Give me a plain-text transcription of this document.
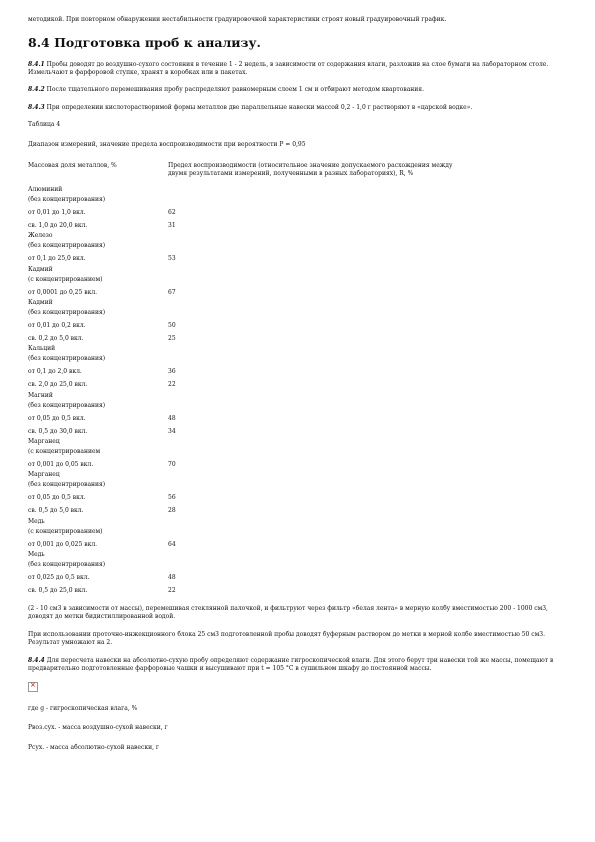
методикой. При повторном обнаружении нестабильности градуировочной характеристики строят новый градуировочный график.

8.4 Подготовка проб к анализу.

8.4.1 Пробы доводят до воздушно-сухого состояния в течение 1 - 2 недель, в зависимости от содержания влаги, разложив на слое бумаги на лабораторном столе. Измельчают в фарфоровой ступке, хранят в коробках или в пакетах.

8.4.2 После тщательного перемешивания пробу распределяют равномерным слоем 1 см и отбирают методом квартования.

8.4.3 При определении кислоторастворимой формы металлов две параллельные навески массой 0,2 - 1,0 г растворяют в «царской водке».

Таблица 4

Диапазон измерений, значение предела воспроизводимости при вероятности P = 0,95

Массовая доля металлов, %	Предел воспроизводимости (относительное значение допускаемого расхождения между двумя результатами измерений, полученными в разных лабораториях), R, %
Алюминий	
(без концентрирования)	
от 0,01 до 1,0 вкл.	62
св. 1,0 до 20,0 вкл.	31
Железо	
(без концентрирования)	
от 0,1 до 25,0 вкл.	53
Кадмий	
(с концентрированием)	
от 0,0001 до 0,25 вкл.	67
Кадмий	
(без концентрирования)	
от 0,01 до 0,2 вкл.	50
св. 0,2 до 5,0 вкл.	25
Кальций	
(без концентрирования)	
от 0,1 до 2,0 вкл.	36
св. 2,0 до 25,0 вкл.	22
Магний	
(без концентрирования)	
от 0,05 до 0,5 вкл.	48
св. 0,5 до 30,0 вкл.	34
Марганец	
(с концентрированием	
от 0,001 до 0,05 вкл.	70
Марганец	
(без концентрирования)	
от 0,05 до 0,5 вкл.	56
св. 0,5 до 5,0 вкл.	28
Медь	
(с концентрированием)	
от 0,001 до 0,025 вкл.	64
Медь	
(без концентрирования)	
от 0,025 до 0,5 вкл.	48
св. 0,5 до 25,0 вкл.	22

(2 - 10 см3 в зависимости от массы), перемешивая стеклянной палочкой, и фильтруют через фильтр «белая лента» в мерную колбу вместимостью 200 - 1000 см3, доводят до метки бидистиллированной водой.

При использовании проточно-инжекционного блока 25 см3 подготовленной пробы доводят буферным раствором до метки в мерной колбе вместимостью 50 см3. Результат умножают на 2.

8.4.4 Для пересчета навески на абсолютно-сухую пробу определяют содержание гигроскопической влаги. Для этого берут три навески той же массы, помещают в предварительно подготовленные фарфоровые чашки и высушивают при t = 105 °С в сушильном шкафу до постоянной массы.

×

где g - гигроскопическая влага, %

Рвоз.сух. - масса воздушно-сухой навески, г

Рсух. - масса абсолютно-сухой навески, г
